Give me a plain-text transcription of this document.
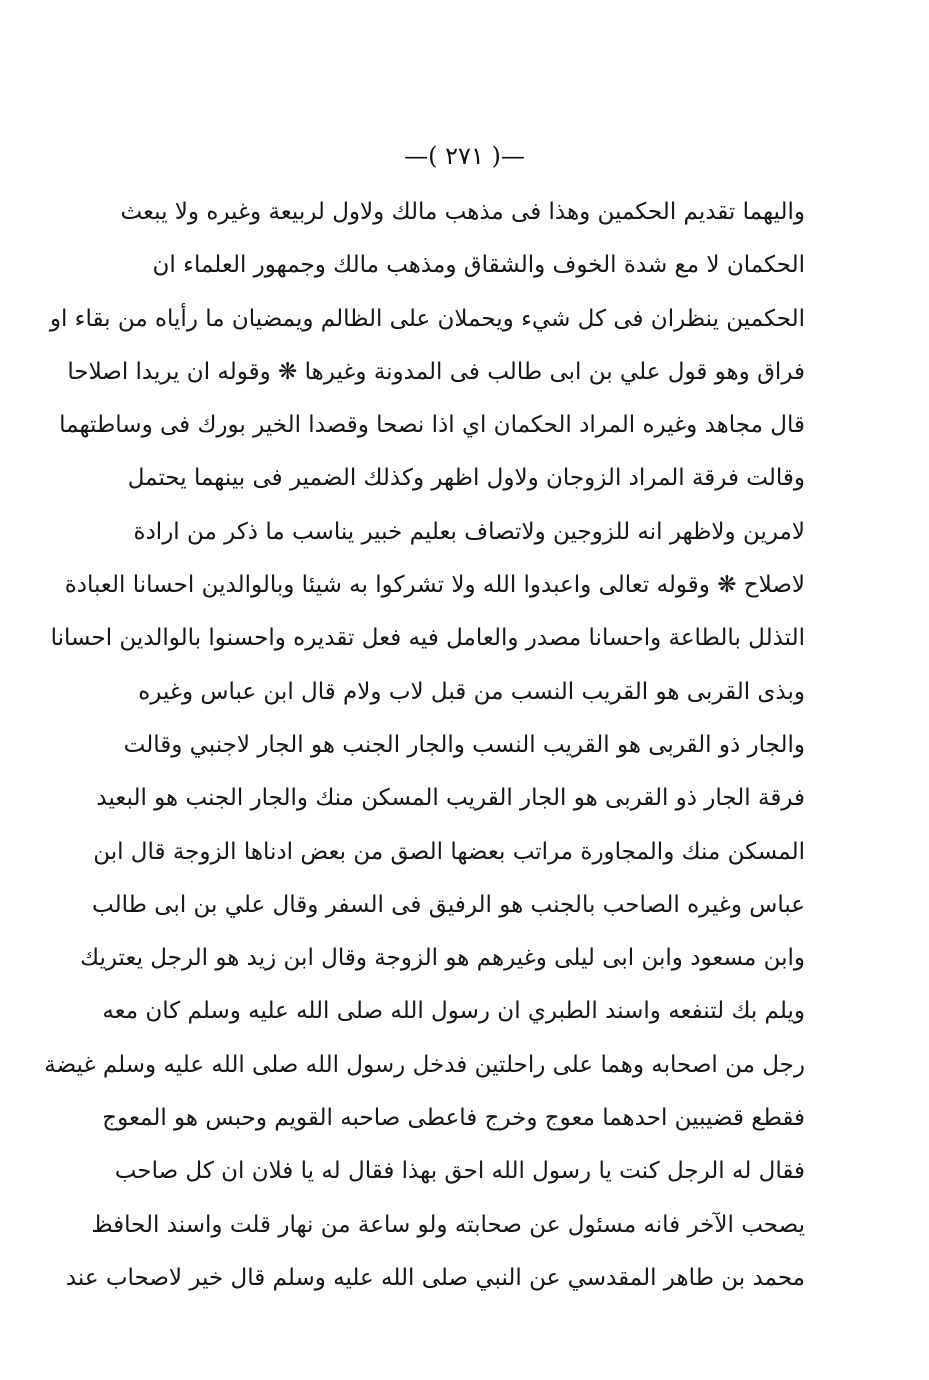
—( ٢٧١ )—
واليهما تقديم الحكمين وهذا فى مذهب مالك ولاول لربيعة وغيره ولا يبعث
الحكمان لا مع شدة الخوف والشقاق ومذهب مالك وجمهور العلماء ان
الحكمين ينظران فى كل شيء ويحملان على الظالم ويمضيان ما رأياه من بقاء او
فراق وهو قول علي بن ابى طالب فى المدونة وغيرها ❋ وقوله ان يريدا اصلاحا
قال مجاهد وغيره المراد الحكمان اي اذا نصحا وقصدا الخير بورك فى وساطتهما
وقالت فرقة المراد الزوجان ولاول اظهر وكذلك الضمير فى بينهما يحتمل
لامرين ولاظهر انه للزوجين ولاتصاف بعليم خبير يناسب ما ذكر من ارادة
لاصلاح ❋ وقوله تعالى واعبدوا الله ولا تشركوا به شيئا وبالوالدين احسانا العبادة
التذلل بالطاعة واحسانا مصدر والعامل فيه فعل تقديره واحسنوا بالوالدين احسانا
وبذى القربى هو القريب النسب من قبل لاب ولام قال ابن عباس وغيره
والجار ذو القربى هو القريب النسب والجار الجنب هو الجار لاجنبي وقالت
فرقة الجار ذو القربى هو الجار القريب المسكن منك والجار الجنب هو البعيد
المسكن منك والمجاورة مراتب بعضها الصق من بعض ادناها الزوجة قال ابن
عباس وغيره الصاحب بالجنب هو الرفيق فى السفر وقال علي بن ابى طالب
وابن مسعود وابن ابى ليلى وغيرهم هو الزوجة وقال ابن زيد هو الرجل يعتريك
ويلم بك لتنفعه واسند الطبري ان رسول الله صلى الله عليه وسلم كان معه
رجل من اصحابه وهما على راحلتين فدخل رسول الله صلى الله عليه وسلم غيضة
فقطع قضيبين احدهما معوج وخرج فاعطى صاحبه القويم وحبس هو المعوج
فقال له الرجل كنت يا رسول الله احق بهذا فقال له يا فلان ان كل صاحب
يصحب الآخر فانه مسئول عن صحابته ولو ساعة من نهار قلت واسند الحافظ
محمد بن طاهر المقدسي عن النبي صلى الله عليه وسلم قال خير لاصحاب عند
